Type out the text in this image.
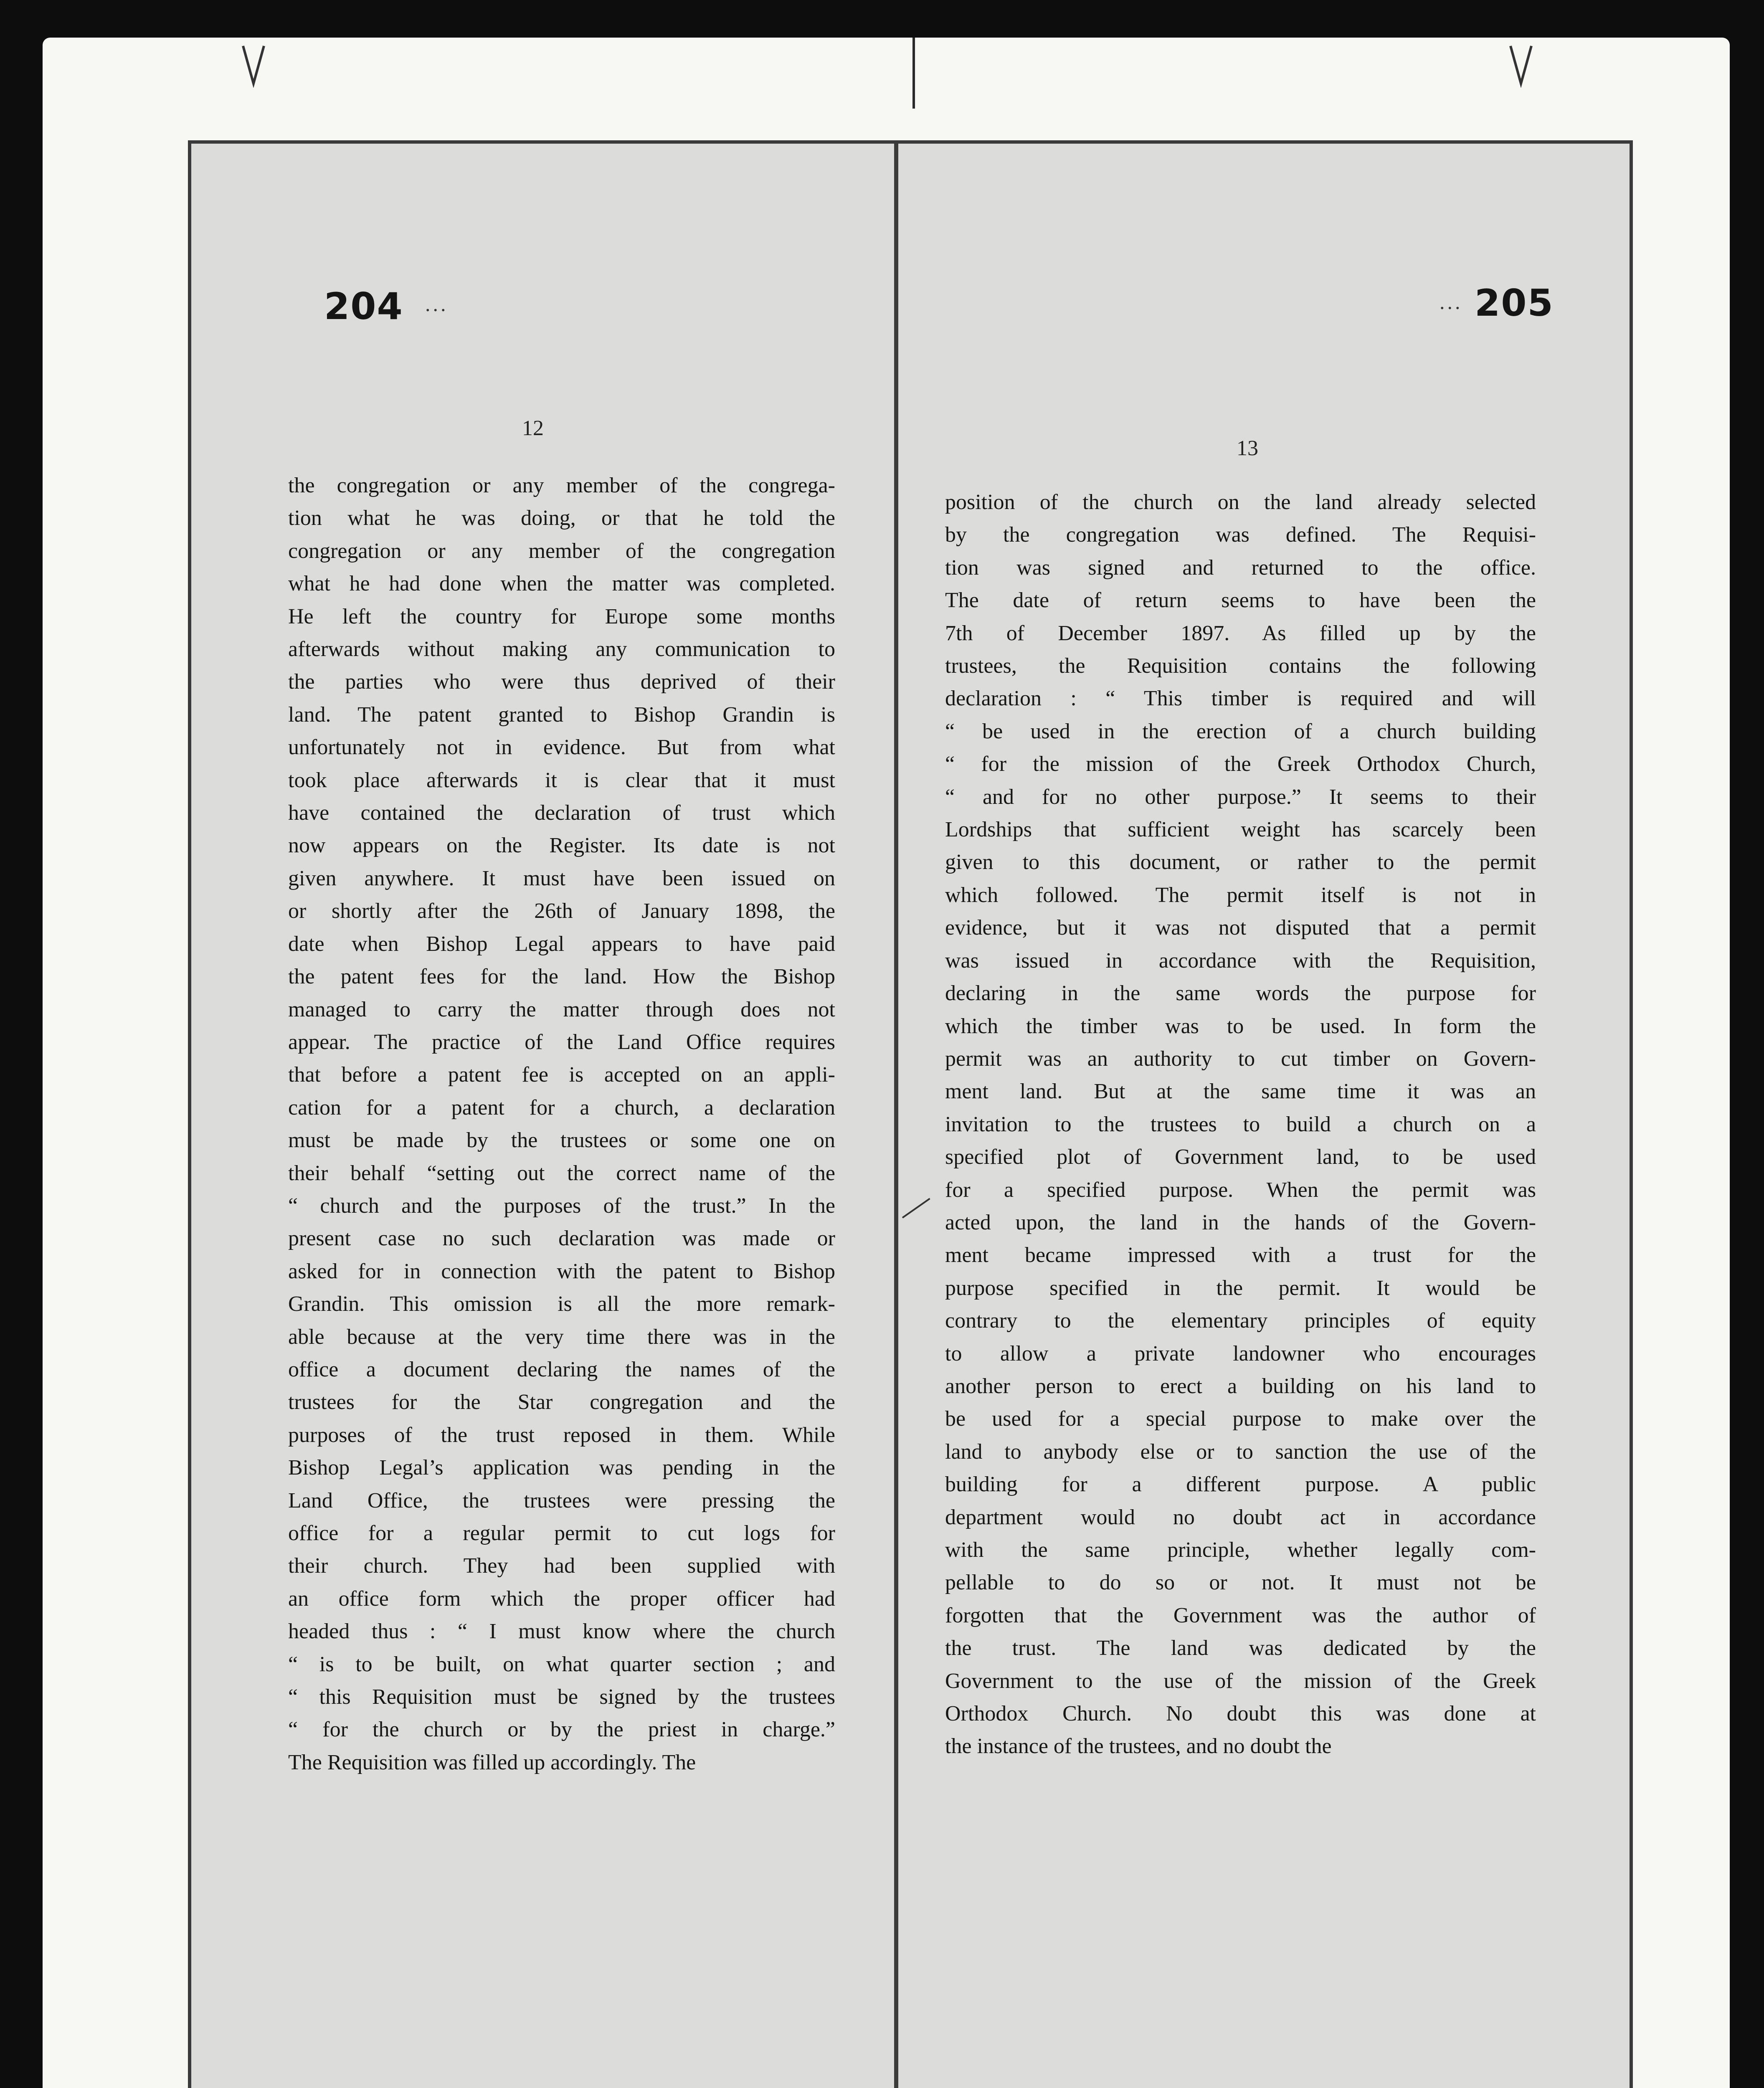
204 ...
12

the congregation or any member of the congrega-

tion what he was doing, or that he told the

congregation or any member of the congregation

what he had done when the matter was completed.

He left the country for Europe some months

afterwards without making any communication to

the parties who were thus deprived of their

land. The patent granted to Bishop Grandin is

unfortunately not in evidence. But from what

took place afterwards it is clear that it must

have contained the declaration of trust which

now appears on the Register. Its date is not

given anywhere. It must have been issued on

or shortly after the 26th of January 1898, the

date when Bishop Legal appears to have paid

the patent fees for the land. How the Bishop

managed to carry the matter through does not

appear. The practice of the Land Office requires

that before a patent fee is accepted on an appli-

cation for a patent for a church, a declaration

must be made by the trustees or some one on

their behalf “setting out the correct name of the

“ church and the purposes of the trust.” In the

present case no such declaration was made or

asked for in connection with the patent to Bishop

Grandin. This omission is all the more remark-

able because at the very time there was in the

office a document declaring the names of the

trustees for the Star congregation and the

purposes of the trust reposed in them. While

Bishop Legal’s application was pending in the

Land Office, the trustees were pressing the

office for a regular permit to cut logs for

their church. They had been supplied with

an office form which the proper officer had

headed thus : “ I must know where the church

“ is to be built, on what quarter section ; and

“ this Requisition must be signed by the trustees

“ for the church or by the priest in charge.”

The Requisition was filled up accordingly. The

... 205
13

position of the church on the land already selected

by the congregation was defined. The Requisi-

tion was signed and returned to the office.

The date of return seems to have been the

7th of December 1897. As filled up by the

trustees, the Requisition contains the following

declaration : “ This timber is required and will

“ be used in the erection of a church building

“ for the mission of the Greek Orthodox Church,

“ and for no other purpose.” It seems to their

Lordships that sufficient weight has scarcely been

given to this document, or rather to the permit

which followed. The permit itself is not in

evidence, but it was not disputed that a permit

was issued in accordance with the Requisition,

declaring in the same words the purpose for

which the timber was to be used. In form the

permit was an authority to cut timber on Govern-

ment land. But at the same time it was an

invitation to the trustees to build a church on a

specified plot of Government land, to be used

for a specified purpose. When the permit was

acted upon, the land in the hands of the Govern-

ment became impressed with a trust for the

purpose specified in the permit. It would be

contrary to the elementary principles of equity

to allow a private landowner who encourages

another person to erect a building on his land to

be used for a special purpose to make over the

land to anybody else or to sanction the use of the

building for a different purpose. A public

department would no doubt act in accordance

with the same principle, whether legally com-

pellable to do so or not. It must not be

forgotten that the Government was the author of

the trust. The land was dedicated by the

Government to the use of the mission of the Greek

Orthodox Church. No doubt this was done at

the instance of the trustees, and no doubt the
